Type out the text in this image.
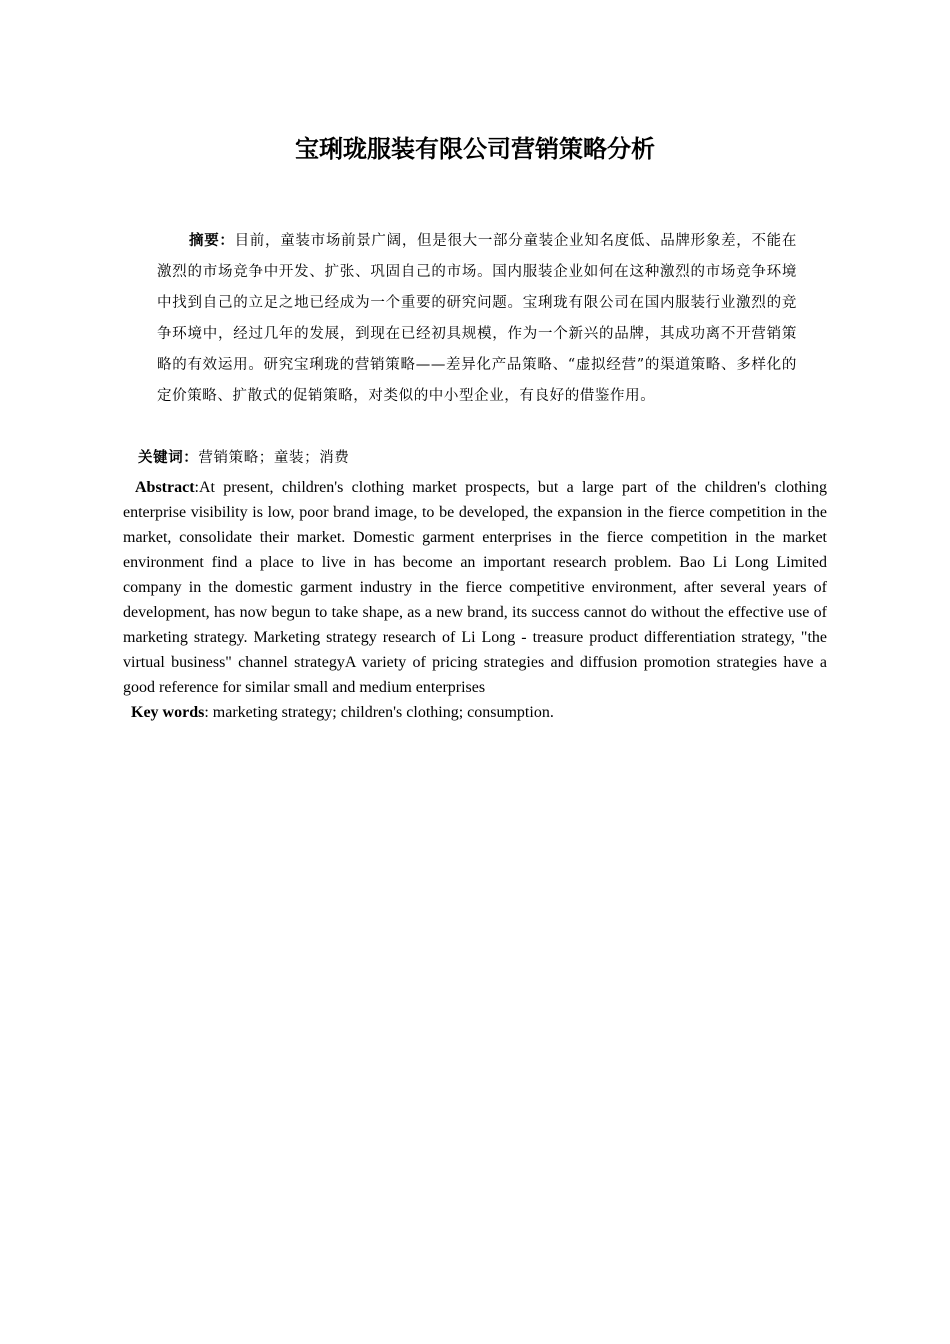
宝琍珑服装有限公司营销策略分析

摘要：目前，童装市场前景广阔，但是很大一部分童装企业知名度低、品牌形象差，不能在激烈的市场竞争中开发、扩张、巩固自己的市场。国内服装企业如何在这种激烈的市场竞争环境中找到自己的立足之地已经成为一个重要的研究问题。宝琍珑有限公司在国内服装行业激烈的竞争环境中，经过几年的发展，到现在已经初具规模，作为一个新兴的品牌，其成功离不开营销策略的有效运用。研究宝琍珑的营销策略——差异化产品策略、“虚拟经营”的渠道策略、多样化的定价策略、扩散式的促销策略，对类似的中小型企业，有良好的借鉴作用。

关键词：营销策略；童装；消费

Abstract:At present, children's clothing market prospects, but a large part of the children's clothing enterprise visibility is low, poor brand image, to be developed, the expansion in the fierce competition in the market, consolidate their market. Domestic garment enterprises in the fierce competition in the market environment find a place to live in has become an important research problem. Bao Li Long Limited company in the domestic garment industry in the fierce competitive environment, after several years of development, has now begun to take shape, as a new brand, its success cannot do without the effective use of marketing strategy. Marketing strategy research of Li Long - treasure product differentiation strategy, "the virtual business" channel strategyA variety of pricing strategies and diffusion promotion strategies have a good reference for similar small and medium enterprises

Key words: marketing strategy; children's clothing; consumption.
